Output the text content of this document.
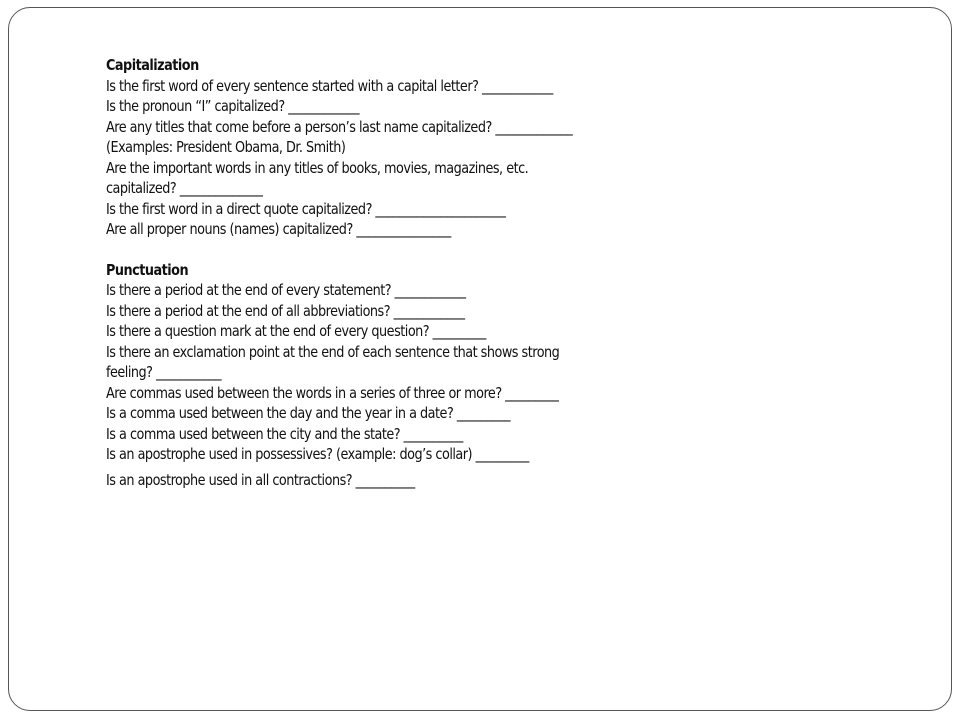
Capitalization

Is the first word of every sentence started with a capital letter? ____________

Is the pronoun “I” capitalized? ____________

Are any titles that come before a person’s last name capitalized? _____________

(Examples: President Obama, Dr. Smith)

Are the important words in any titles of books, movies, magazines, etc.

capitalized? ______________

Is the first word in a direct quote capitalized? ______________________

Are all proper nouns (names) capitalized? ________________

Punctuation

Is there a period at the end of every statement? ____________

Is there a period at the end of all abbreviations? ____________

Is there a question mark at the end of every question? _________

Is there an exclamation point at the end of each sentence that shows strong

feeling? ___________

Are commas used between the words in a series of three or more? _________

Is a comma used between the day and the year in a date? _________

Is a comma used between the city and the state? __________

Is an apostrophe used in possessives? (example: dog’s collar) _________

Is an apostrophe used in all contractions? __________
